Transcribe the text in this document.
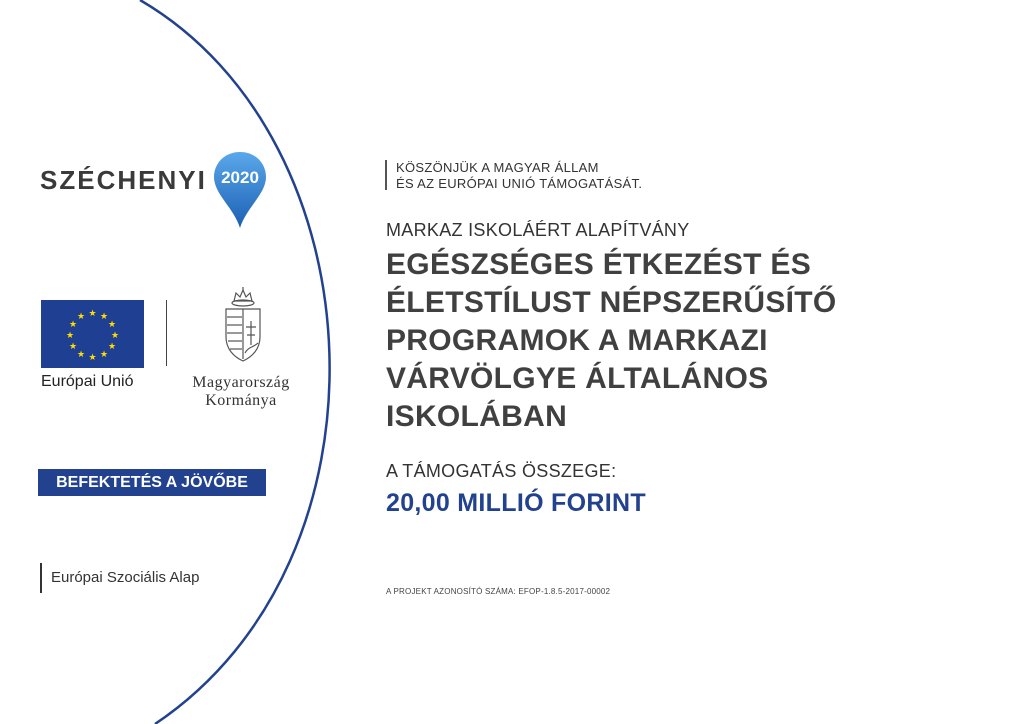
SZÉCHENYI 2020
★ ★
★
★
★
★
★
★
★
★
★
★
Európai Unió	Magyarország
Kormánya
BEFEKTETÉS A JÖVŐBE
Európai Szociális Alap
KÖSZÖNJÜK A MAGYAR ÁLLAM
ÉS AZ EURÓPAI UNIÓ TÁMOGATÁSÁT.
MARKAZ ISKOLÁÉRT ALAPÍTVÁNY
EGÉSZSÉGES ÉTKEZÉST ÉS
ÉLETSTÍLUST NÉPSZERŰSÍTŐ
PROGRAMOK A MARKAZI
VÁRVÖLGYE ÁLTALÁNOS
ISKOLÁBAN
A TÁMOGATÁS ÖSSZEGE:
20,00 MILLIÓ FORINT
A PROJEKT AZONOSÍTÓ SZÁMA: EFOP-1.8.5-2017-00002
